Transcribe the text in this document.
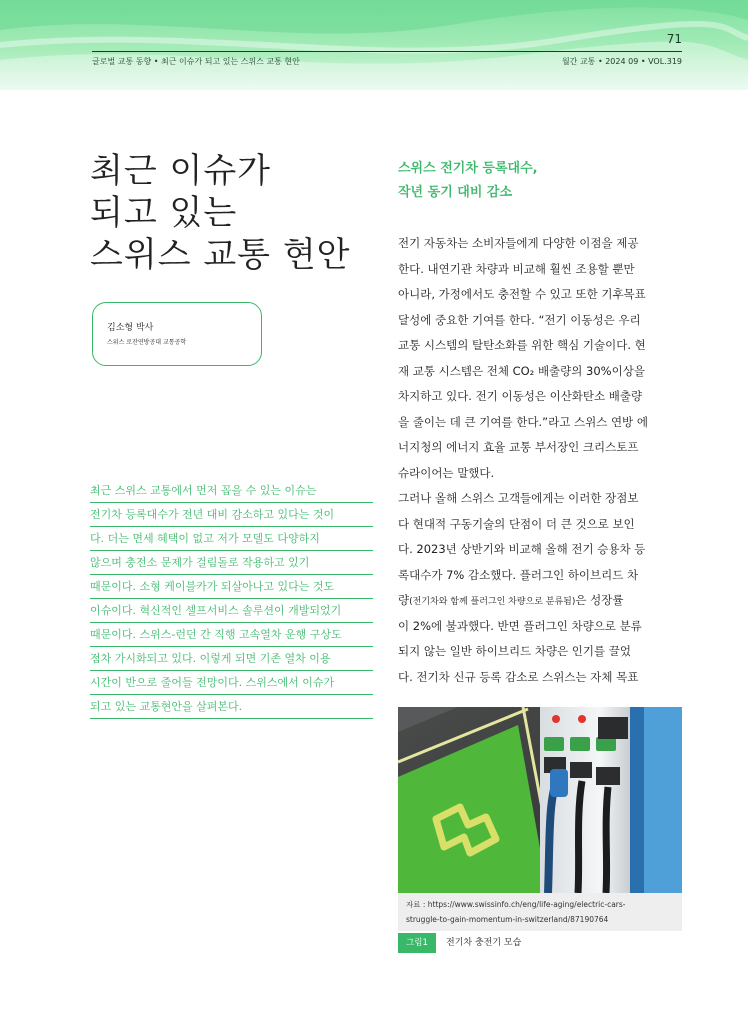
71
글로벌 교통 동향 • 최근 이슈가 되고 있는 스위스 교통 현안	월간 교통 • 2024 09 • VOL.319
최근 이슈가
되고 있는
스위스 교통 현안
김소형 박사
스위스 로잔연방공대 교통공학
최근 스위스 교통에서 먼저 꼽을 수 있는 이슈는
전기차 등록대수가 전년 대비 감소하고 있다는 것이
다. 더는 면세 혜택이 없고 저가 모델도 다양하지
않으며 충전소 문제가 걸림돌로 작용하고 있기
때문이다. 소형 케이블카가 되살아나고 있다는 것도
이슈이다. 혁신적인 셀프서비스 솔루션이 개발되었기
때문이다. 스위스-런던 간 직행 고속열차 운행 구상도
점차 가시화되고 있다. 이렇게 되면 기존 열차 이용
시간이 반으로 줄어들 전망이다. 스위스에서 이슈가
되고 있는 교통현안을 살펴본다.
스위스 전기차 등록대수,
작년 동기 대비 감소
전기 자동차는 소비자들에게 다양한 이점을 제공
한다. 내연기관 차량과 비교해 훨씬 조용할 뿐만
아니라, 가정에서도 충전할 수 있고 또한 기후목표
달성에 중요한 기여를 한다. “전기 이동성은 우리
교통 시스템의 탈탄소화를 위한 핵심 기술이다. 현
재 교통 시스템은 전체 CO₂ 배출량의 30%이상을
차지하고 있다. 전기 이동성은 이산화탄소 배출량
을 줄이는 데 큰 기여를 한다.”라고 스위스 연방 에
너지청의 에너지 효율 교통 부서장인 크리스토프
슈라이어는 말했다.
그러나 올해 스위스 고객들에게는 이러한 장점보
다 현대적 구동기술의 단점이 더 큰 것으로 보인
다. 2023년 상반기와 비교해 올해 전기 승용차 등
록대수가 7% 감소했다. 플러그인 하이브리드 차
량(전기차와 함께 플러그인 차량으로 분류됨)은 성장률
이 2%에 불과했다. 반면 플러그인 차량으로 분류
되지 않는 일반 하이브리드 차량은 인기를 끌었
다. 전기차 신규 등록 감소로 스위스는 자체 목표
자료 : https://www.swissinfo.ch/eng/life-aging/electric-cars-
struggle-to-gain-momentum-in-switzerland/87190764
그림1	전기차 충전기 모습
